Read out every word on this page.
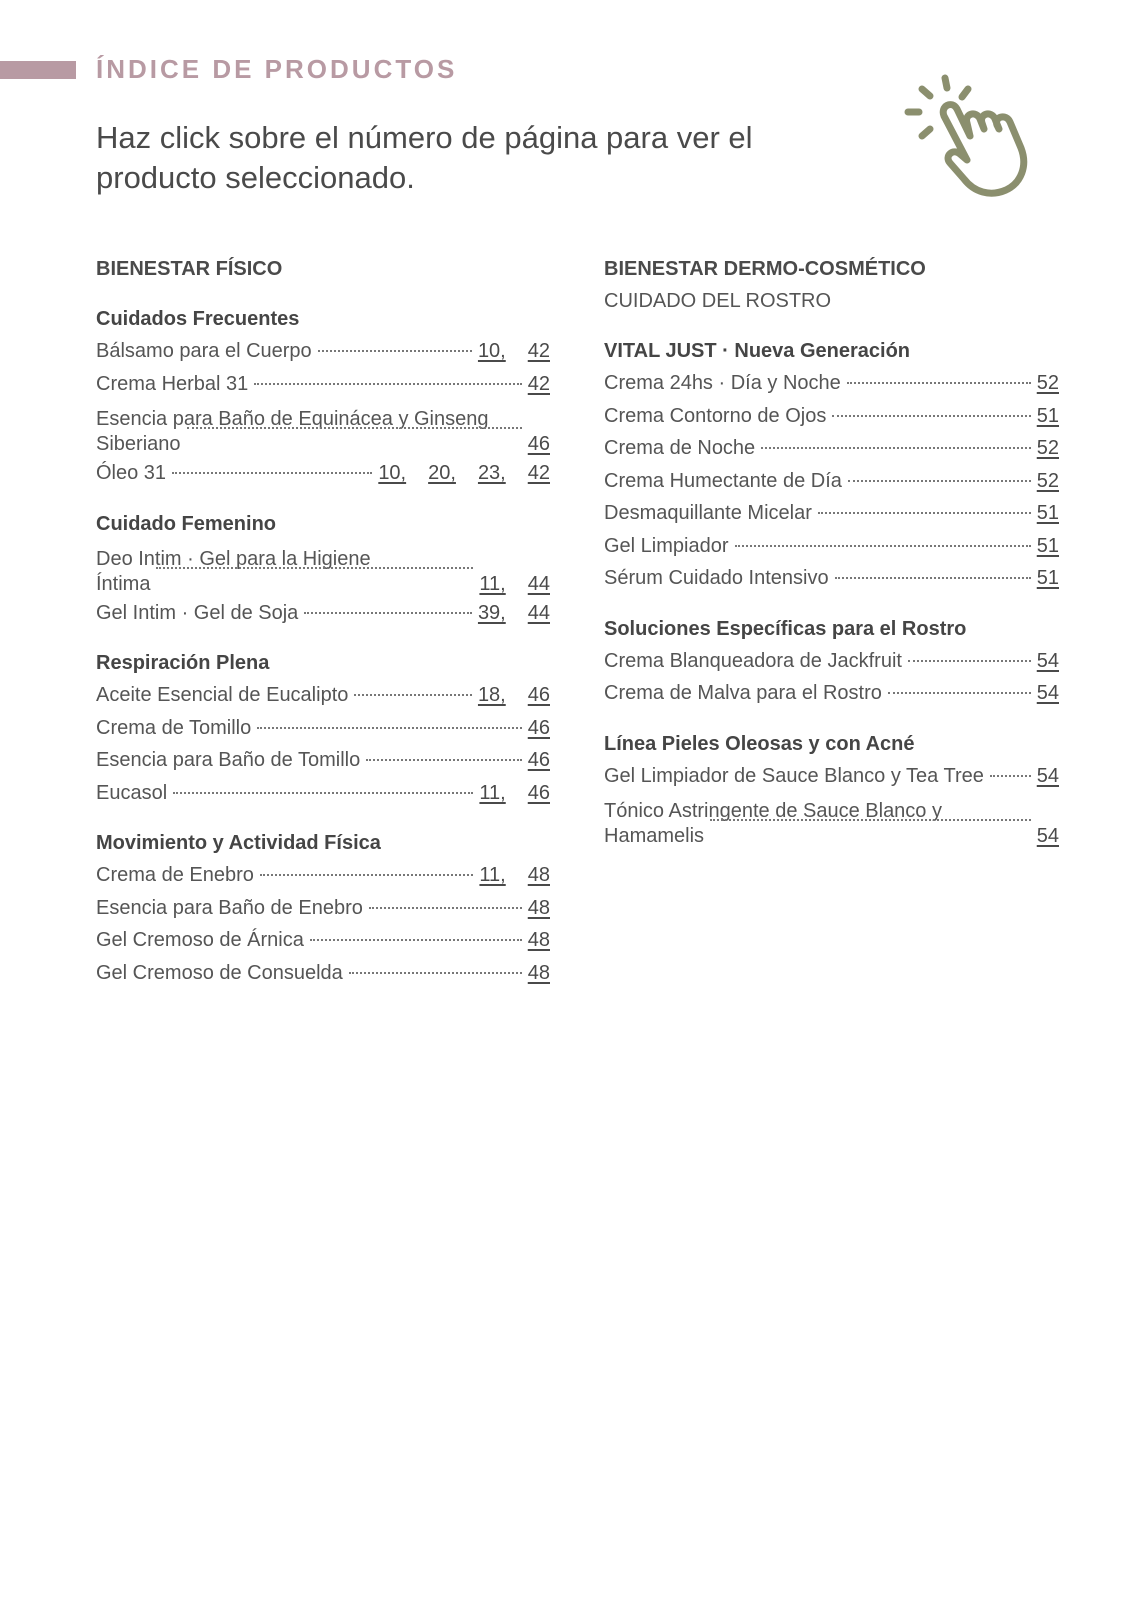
ÍNDICE DE PRODUCTOS

Haz click sobre el número de página para ver el producto seleccionado.

BIENESTAR FÍSICO
Cuidados Frecuentes
Bálsamo para el Cuerpo	10, 42
Crema Herbal 31	42
Esencia para Baño de Equinácea y Ginseng
Siberiano	46
Óleo 31	10, 20, 23, 42
Cuidado Femenino
Deo Intim · Gel para la Higiene
Íntima	11, 44
Gel Intim · Gel de Soja	39, 44
Respiración Plena
Aceite Esencial de Eucalipto	18, 46
Crema de Tomillo	46
Esencia para Baño de Tomillo	46
Eucasol	11, 46
Movimiento y Actividad Física
Crema de Enebro	11, 48
Esencia para Baño de Enebro	48
Gel Cremoso de Árnica	48
Gel Cremoso de Consuelda	48
BIENESTAR DERMO-COSMÉTICO
CUIDADO DEL ROSTRO
VITAL JUST · Nueva Generación
Crema 24hs · Día y Noche	52
Crema Contorno de Ojos	51
Crema de Noche	52
Crema Humectante de Día	52
Desmaquillante Micelar	51
Gel Limpiador	51
Sérum Cuidado Intensivo	51
Soluciones Específicas para el Rostro
Crema Blanqueadora de Jackfruit	54
Crema de Malva para el Rostro	54
Línea Pieles Oleosas y con Acné
Gel Limpiador de Sauce Blanco y Tea Tree	54
Tónico Astringente de Sauce Blanco y
Hamamelis	54
